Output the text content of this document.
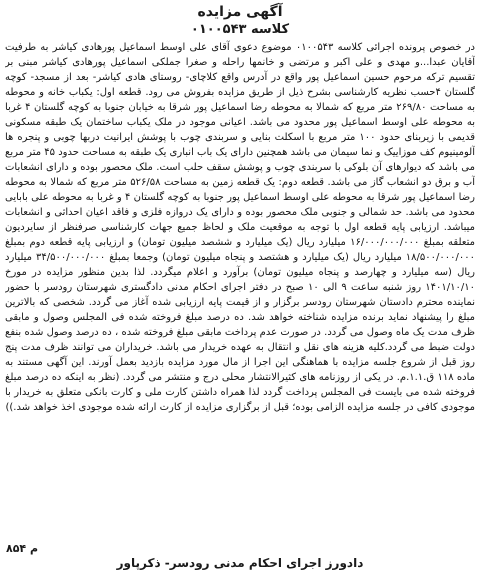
آگهی مزایده
کلاسه ۰۱۰۰۵۴۳
در خصوص پرونده اجرائی کلاسه ۰۱۰۰۵۴۳ موضوع دعوی آقای علی اوسط اسماعیل پورهادی کیاشر به طرفیت آقایان عبدا...و مهدی و علی اکبر و مرتضی و خانمها راحله و صغرا جملکی اسماعیل پورهادی کیاشر مبنی بر تقسیم ترکه مرحوم حسین اسماعیل پور واقع در آدرس واقع کلاچای- روستای هادی کیاشر- بعد از مسجد- کوچه گلستان ۴حسب نظریه کارشناسی بشرح ذیل از طریق مزایده بفروش می رود. قطعه اول: یکباب خانه و محوطه به مساحت ۲۶۹/۸۰ متر مربع که شمالا به محوطه رضا اسماعیل پور شرقا به خیابان جنوبا به کوچه گلستان ۴ غربا به محوطه علی اوسط اسماعیل پور محدود می باشد. اعیانی موجود در ملک یکباب ساختمان یک طبقه مسکونی قدیمی با زیربنای حدود ۱۰۰ متر مربع با اسکلت بنایی و سربندی چوب با پوشش ایرانیت دربها چوبی و پنجره ها آلومینیوم کف موزاییک و نما سیمان می باشد همچنین دارای یک باب انباری یک طبقه به مساحت حدود ۴۵ متر مربع می باشد که دیوارهای آن بلوکی با سربندی چوب و پوشش سقف حلب است. ملک محصور بوده و دارای انشعابات آب و برق دو انشعاب گاز می باشد. قطعه دوم: یک قطعه زمین به مساحت ۵۲۶/۵۸ متر مربع که شمالا به محوطه رضا اسماعیل پور شرقا به محوطه علی اوسط اسماعیل پور جنوبا به کوچه گلستان ۴ و غربا به محوطه علی بابایی محدود می باشد. حد شمالی و جنوبی ملک محصور بوده و دارای یک دروازه فلزی و فاقد اعیان احداثی و انشعابات میباشد. ارزیابی پایه قطعه اول با توجه به موقعیت ملک و لحاظ جمیع جهات کارشناسی صرفنظر از سایردیون متعلقه بمبلغ ۱۶/۰۰۰/۰۰۰/۰۰۰ میلیارد ریال (یک میلیارد و ششصد میلیون تومان) و ارزیابی پایه قطعه دوم بمبلغ ۱۸/۵۰۰/۰۰۰/۰۰۰ میلیارد ریال (یک میلیارد و هشتصد و پنجاه میلیون تومان) وجمعا بمبلغ ۳۴/۵۰۰/۰۰۰/۰۰۰ میلیارد ریال (سه میلیارد و چهارصد و پنجاه میلیون تومان) برآورد و اعلام میگردد. لذا بدین منظور مزایده در مورخ ۱۴۰۱/۱۰/۱۰ روز شنبه ساعت ۹ الی ۱۰ صبح در دفتر اجرای احکام مدنی دادگستری شهرستان رودسر با حضور نماینده محترم دادستان شهرستان رودسر برگزار و از قیمت پایه ارزیابی شده آغاز می گردد. شخصی که بالاترین مبلغ را پیشنهاد نماید برنده مزایده شناخته خواهد شد. ده درصد مبلغ فروخته شده فی المجلس وصول و مابقی ظرف مدت یک ماه وصول می گردد. در صورت عدم پرداخت مابقی مبلغ فروخته شده ، ده درصد وصول شده بنفع دولت ضبط می گردد.کلیه هزینه های نقل و انتقال به عهده خریدار می باشد. خریداران می توانند ظرف مدت پنج روز قبل از شروع جلسه مزایده با هماهنگی این اجرا از مال مورد مزایده بازدید بعمل آورند. این آگهی مستند به ماده ۱۱۸ ق.۱.۱.م. در یکی از روزنامه های کثیرالانتشار محلی درج و منتشر می گردد. (نظر به اینکه ده درصد مبلغ فروخته شده می بایست فی المجلس پرداخت گردد لذا همراه داشتن کارت ملی و کارت بانکی متعلق به خریدار با موجودی کافی در جلسه مزایده الزامی بوده؛ قبل از برگزاری مزایده از کارت ارائه شده موجودی اخذ خواهد شد.))
م ۸۵۴
دادورز اجرای احکام مدنی رودسر- ذکرپاور
